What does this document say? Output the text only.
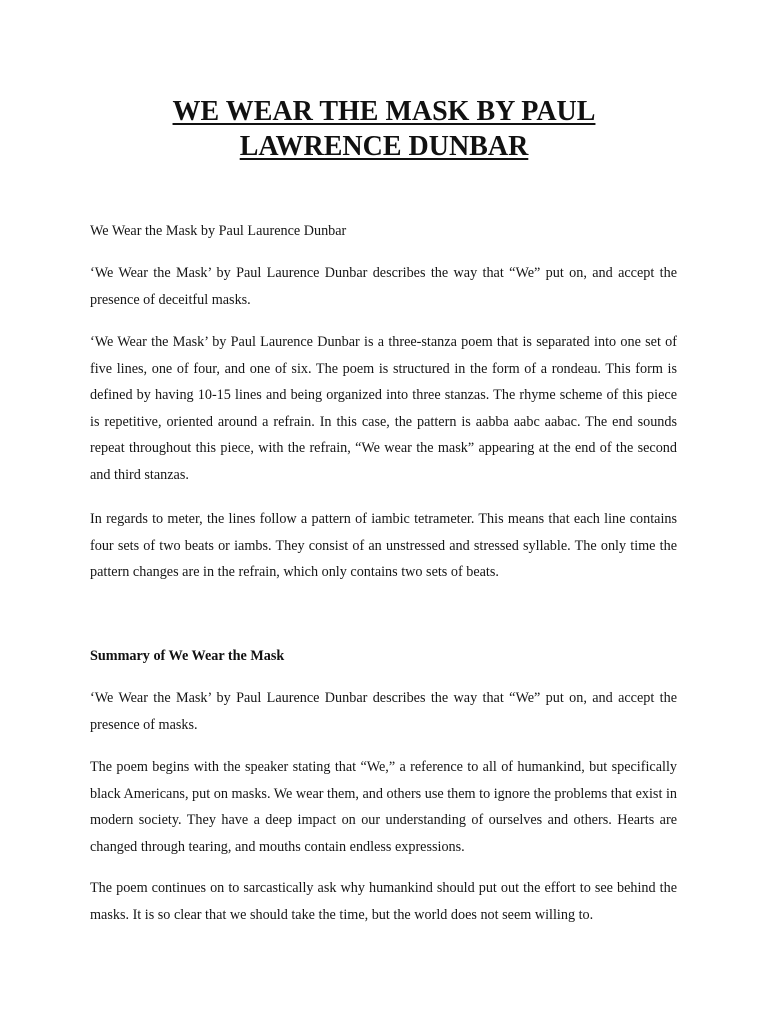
WE WEAR THE MASK BY PAUL LAWRENCE DUNBAR

We Wear the Mask by Paul Laurence Dunbar

‘We Wear the Mask’ by Paul Laurence Dunbar describes the way that “We” put on, and accept the presence of deceitful masks.

‘We Wear the Mask’ by Paul Laurence Dunbar is a three-stanza poem that is separated into one set of five lines, one of four, and one of six. The poem is structured in the form of a rondeau. This form is defined by having 10-15 lines and being organized into three stanzas. The rhyme scheme of this piece is repetitive, oriented around a refrain. In this case, the pattern is aabba aabc aabac. The end sounds repeat throughout this piece, with the refrain, “We wear the mask” appearing at the end of the second and third stanzas.

In regards to meter, the lines follow a pattern of iambic tetrameter. This means that each line contains four sets of two beats or iambs. They consist of an unstressed and stressed syllable. The only time the pattern changes are in the refrain, which only contains two sets of beats.

Summary of We Wear the Mask

‘We Wear the Mask’ by Paul Laurence Dunbar describes the way that “We” put on, and accept the presence of masks.

The poem begins with the speaker stating that “We,” a reference to all of humankind, but specifically black Americans, put on masks. We wear them, and others use them to ignore the problems that exist in modern society. They have a deep impact on our understanding of ourselves and others. Hearts are changed through tearing, and mouths contain endless expressions.

The poem continues on to sarcastically ask why humankind should put out the effort to see behind the masks. It is so clear that we should take the time, but the world does not seem willing to.
